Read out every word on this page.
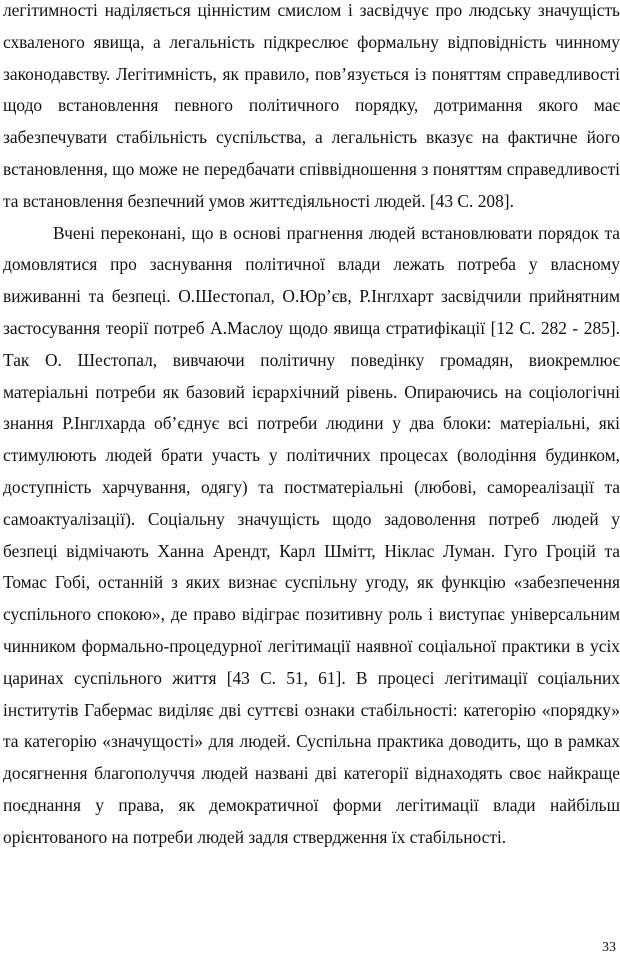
легітимності наділяється цінністим смислом і засвідчує про людську значущість схваленого явища, а легальність підкреслює формальну відповідність чинному законодавству. Легітимність, як правило, пов’язується із поняттям справедливості щодо встановлення певного політичного порядку, дотримання якого має забезпечувати стабільність суспільства, а легальність вказує на фактичне його встановлення, що може не передбачати співвідношення з поняттям справедливості та встановлення безпечний умов життєдіяльності людей. [43 C. 208].

Вчені переконані, що в основі прагнення людей встановлювати порядок та домовлятися про заснування політичної влади лежать потреба у власному виживанні та безпеці. О.Шестопал, О.Юр’єв, Р.Інглхарт засвідчили прийнятним застосування теорії потреб А.Маслоу щодо явища стратифікації [12 C. 282 - 285]. Так О. Шестопал, вивчаючи політичну поведінку громадян, виокремлює матеріальні потреби як базовий ієрархічний рівень. Опираючись на соціологічні знання Р.Інглхарда об’єднує всі потреби людини у два блоки: матеріальні, які стимулюють людей брати участь у політичних процесах (володіння будинком, доступність харчування, одягу) та постматеріальні (любові, самореалізації та самоактуалізації). Соціальну значущість щодо задоволення потреб людей у безпеці відмічають Ханна Арендт, Карл Шмітт, Ніклас Луман. Гуго Гроцій та Томас Гобі, останній з яких визнає суспільну угоду, як функцію «забезпечення суспільного спокою», де право відіграє позитивну роль і виступає універсальним чинником формально-процедурної легітимації наявної соціальної практики в усіх царинах суспільного життя [43 C. 51, 61]. В процесі легітимації соціальних інститутів Габермас виділяє дві суттєві ознаки стабільності: категорію «порядку» та категорію «значущості» для людей. Суспільна практика доводить, що в рамках досягнення благополуччя людей названі дві категорії віднаходять своє найкраще поєднання у права, як демократичної форми легітимації влади найбільш орієнтованого на потреби людей задля ствердження їх стабільності.

33
